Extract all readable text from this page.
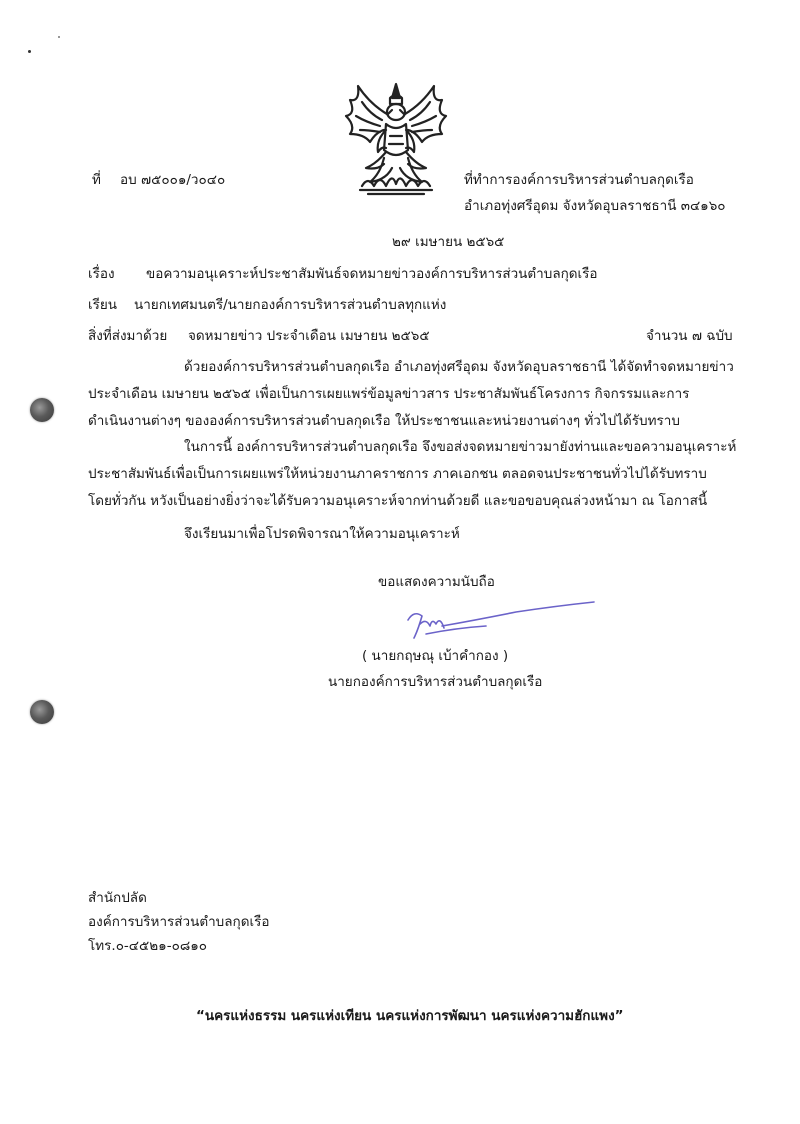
ที่ อบ ๗๕๐๐๑/ว๐๔๐	ที่ทำการองค์การบริหารส่วนตำบลกุดเรือ
อำเภอทุ่งศรีอุดม จังหวัดอุบลราชธานี ๓๔๑๖๐
๒๙ เมษายน ๒๕๖๕
เรื่อง ขอความอนุเคราะห์ประชาสัมพันธ์จดหมายข่าวองค์การบริหารส่วนตำบลกุดเรือ
เรียน นายกเทศมนตรี/นายกองค์การบริหารส่วนตำบลทุกแห่ง
สิ่งที่ส่งมาด้วย จดหมายข่าว ประจำเดือน เมษายน ๒๕๖๕	จำนวน ๗ ฉบับ
ด้วยองค์การบริหารส่วนตำบลกุดเรือ อำเภอทุ่งศรีอุดม จังหวัดอุบลราชธานี ได้จัดทำจดหมายข่าว
ประจำเดือน เมษายน ๒๕๖๕ เพื่อเป็นการเผยแพร่ข้อมูลข่าวสาร ประชาสัมพันธ์โครงการ กิจกรรมและการ
ดำเนินงานต่างๆ ขององค์การบริหารส่วนตำบลกุดเรือ ให้ประชาชนและหน่วยงานต่างๆ ทั่วไปได้รับทราบ
ในการนี้ องค์การบริหารส่วนตำบลกุดเรือ จึงขอส่งจดหมายข่าวมายังท่านและขอความอนุเคราะห์
ประชาสัมพันธ์เพื่อเป็นการเผยแพร่ให้หน่วยงานภาคราชการ ภาคเอกชน ตลอดจนประชาชนทั่วไปได้รับทราบ
โดยทั่วกัน หวังเป็นอย่างยิ่งว่าจะได้รับความอนุเคราะห์จากท่านด้วยดี และขอขอบคุณล่วงหน้ามา ณ โอกาสนี้
จึงเรียนมาเพื่อโปรดพิจารณาให้ความอนุเคราะห์
ขอแสดงความนับถือ
( นายกฤษณุ เบ้าคำกอง )
นายกองค์การบริหารส่วนตำบลกุดเรือ
สำนักปลัด
องค์การบริหารส่วนตำบลกุดเรือ
โทร.๐-๔๕๒๑-๐๘๑๐
“นครแห่งธรรม นครแห่งเทียน นครแห่งการพัฒนา นครแห่งความฮักแพง”
